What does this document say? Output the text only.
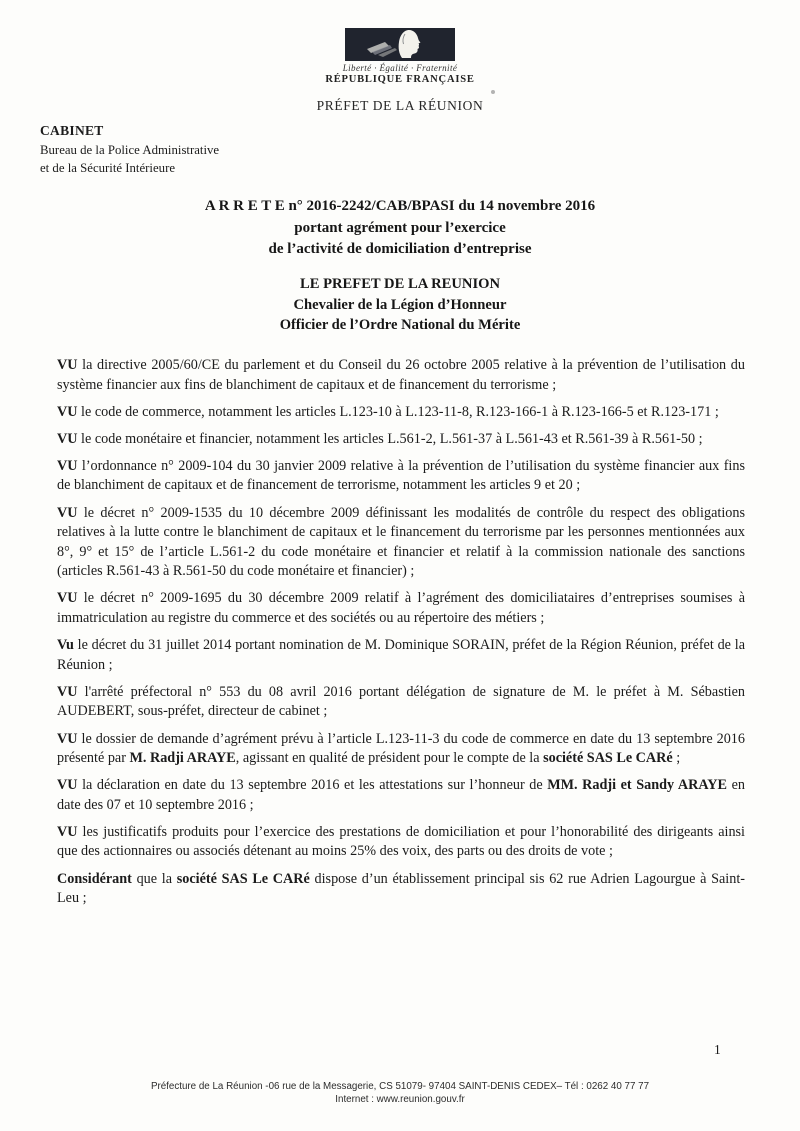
Liberté · Égalité · Fraternité
RÉPUBLIQUE FRANÇAISE
PRÉFET DE LA RÉUNION
CABINET
Bureau de la Police Administrative
et de la Sécurité Intérieure
A R R E T E n° 2016-2242/CAB/BPASI du 14 novembre 2016
portant agrément pour l’exercice
de l’activité de domiciliation d’entreprise
LE PREFET DE LA REUNION
Chevalier de la Légion d’Honneur
Officier de l’Ordre National du Mérite

VU la directive 2005/60/CE du parlement et du Conseil du 26 octobre 2005 relative à la prévention de l’utilisation du système financier aux fins de blanchiment de capitaux et de financement du terrorisme ;

VU le code de commerce, notamment les articles L.123-10 à L.123-11-8, R.123-166-1 à R.123-166-5 et R.123-171 ;

VU le code monétaire et financier, notamment les articles L.561-2, L.561-37 à L.561-43 et R.561-39 à R.561-50 ;

VU l’ordonnance n° 2009-104 du 30 janvier 2009 relative à la prévention de l’utilisation du système financier aux fins de blanchiment de capitaux et de financement de terrorisme, notamment les articles 9 et 20 ;

VU le décret n° 2009-1535 du 10 décembre 2009 définissant les modalités de contrôle du respect des obligations relatives à la lutte contre le blanchiment de capitaux et le financement du terrorisme par les personnes mentionnées aux 8°, 9° et 15° de l’article L.561-2 du code monétaire et financier et relatif à la commission nationale des sanctions (articles R.561-43 à R.561-50 du code monétaire et financier) ;

VU le décret n° 2009-1695 du 30 décembre 2009 relatif à l’agrément des domiciliataires d’entreprises soumises à immatriculation au registre du commerce et des sociétés ou au répertoire des métiers ;

Vu le décret du 31 juillet 2014 portant nomination de M. Dominique SORAIN, préfet de la Région Réunion, préfet de la Réunion ;

VU l'arrêté préfectoral n° 553 du 08 avril 2016 portant délégation de signature de M. le préfet à M. Sébastien AUDEBERT, sous-préfet, directeur de cabinet ;

VU le dossier de demande d’agrément prévu à l’article L.123-11-3 du code de commerce en date du 13 septembre 2016 présenté par M. Radji ARAYE, agissant en qualité de président pour le compte de la société SAS Le CARé ;

VU la déclaration en date du 13 septembre 2016 et les attestations sur l’honneur de MM. Radji et Sandy ARAYE en date des 07 et 10 septembre 2016 ;

VU les justificatifs produits pour l’exercice des prestations de domiciliation et pour l’honorabilité des dirigeants ainsi que des actionnaires ou associés détenant au moins 25% des voix, des parts ou des droits de vote ;

Considérant que la société SAS Le CARé dispose d’un établissement principal sis 62 rue Adrien Lagourgue à Saint-Leu ;

1
Préfecture de La Réunion -06 rue de la Messagerie, CS 51079- 97404 SAINT-DENIS CEDEX– Tél : 0262 40 77 77
Internet : www.reunion.gouv.fr
